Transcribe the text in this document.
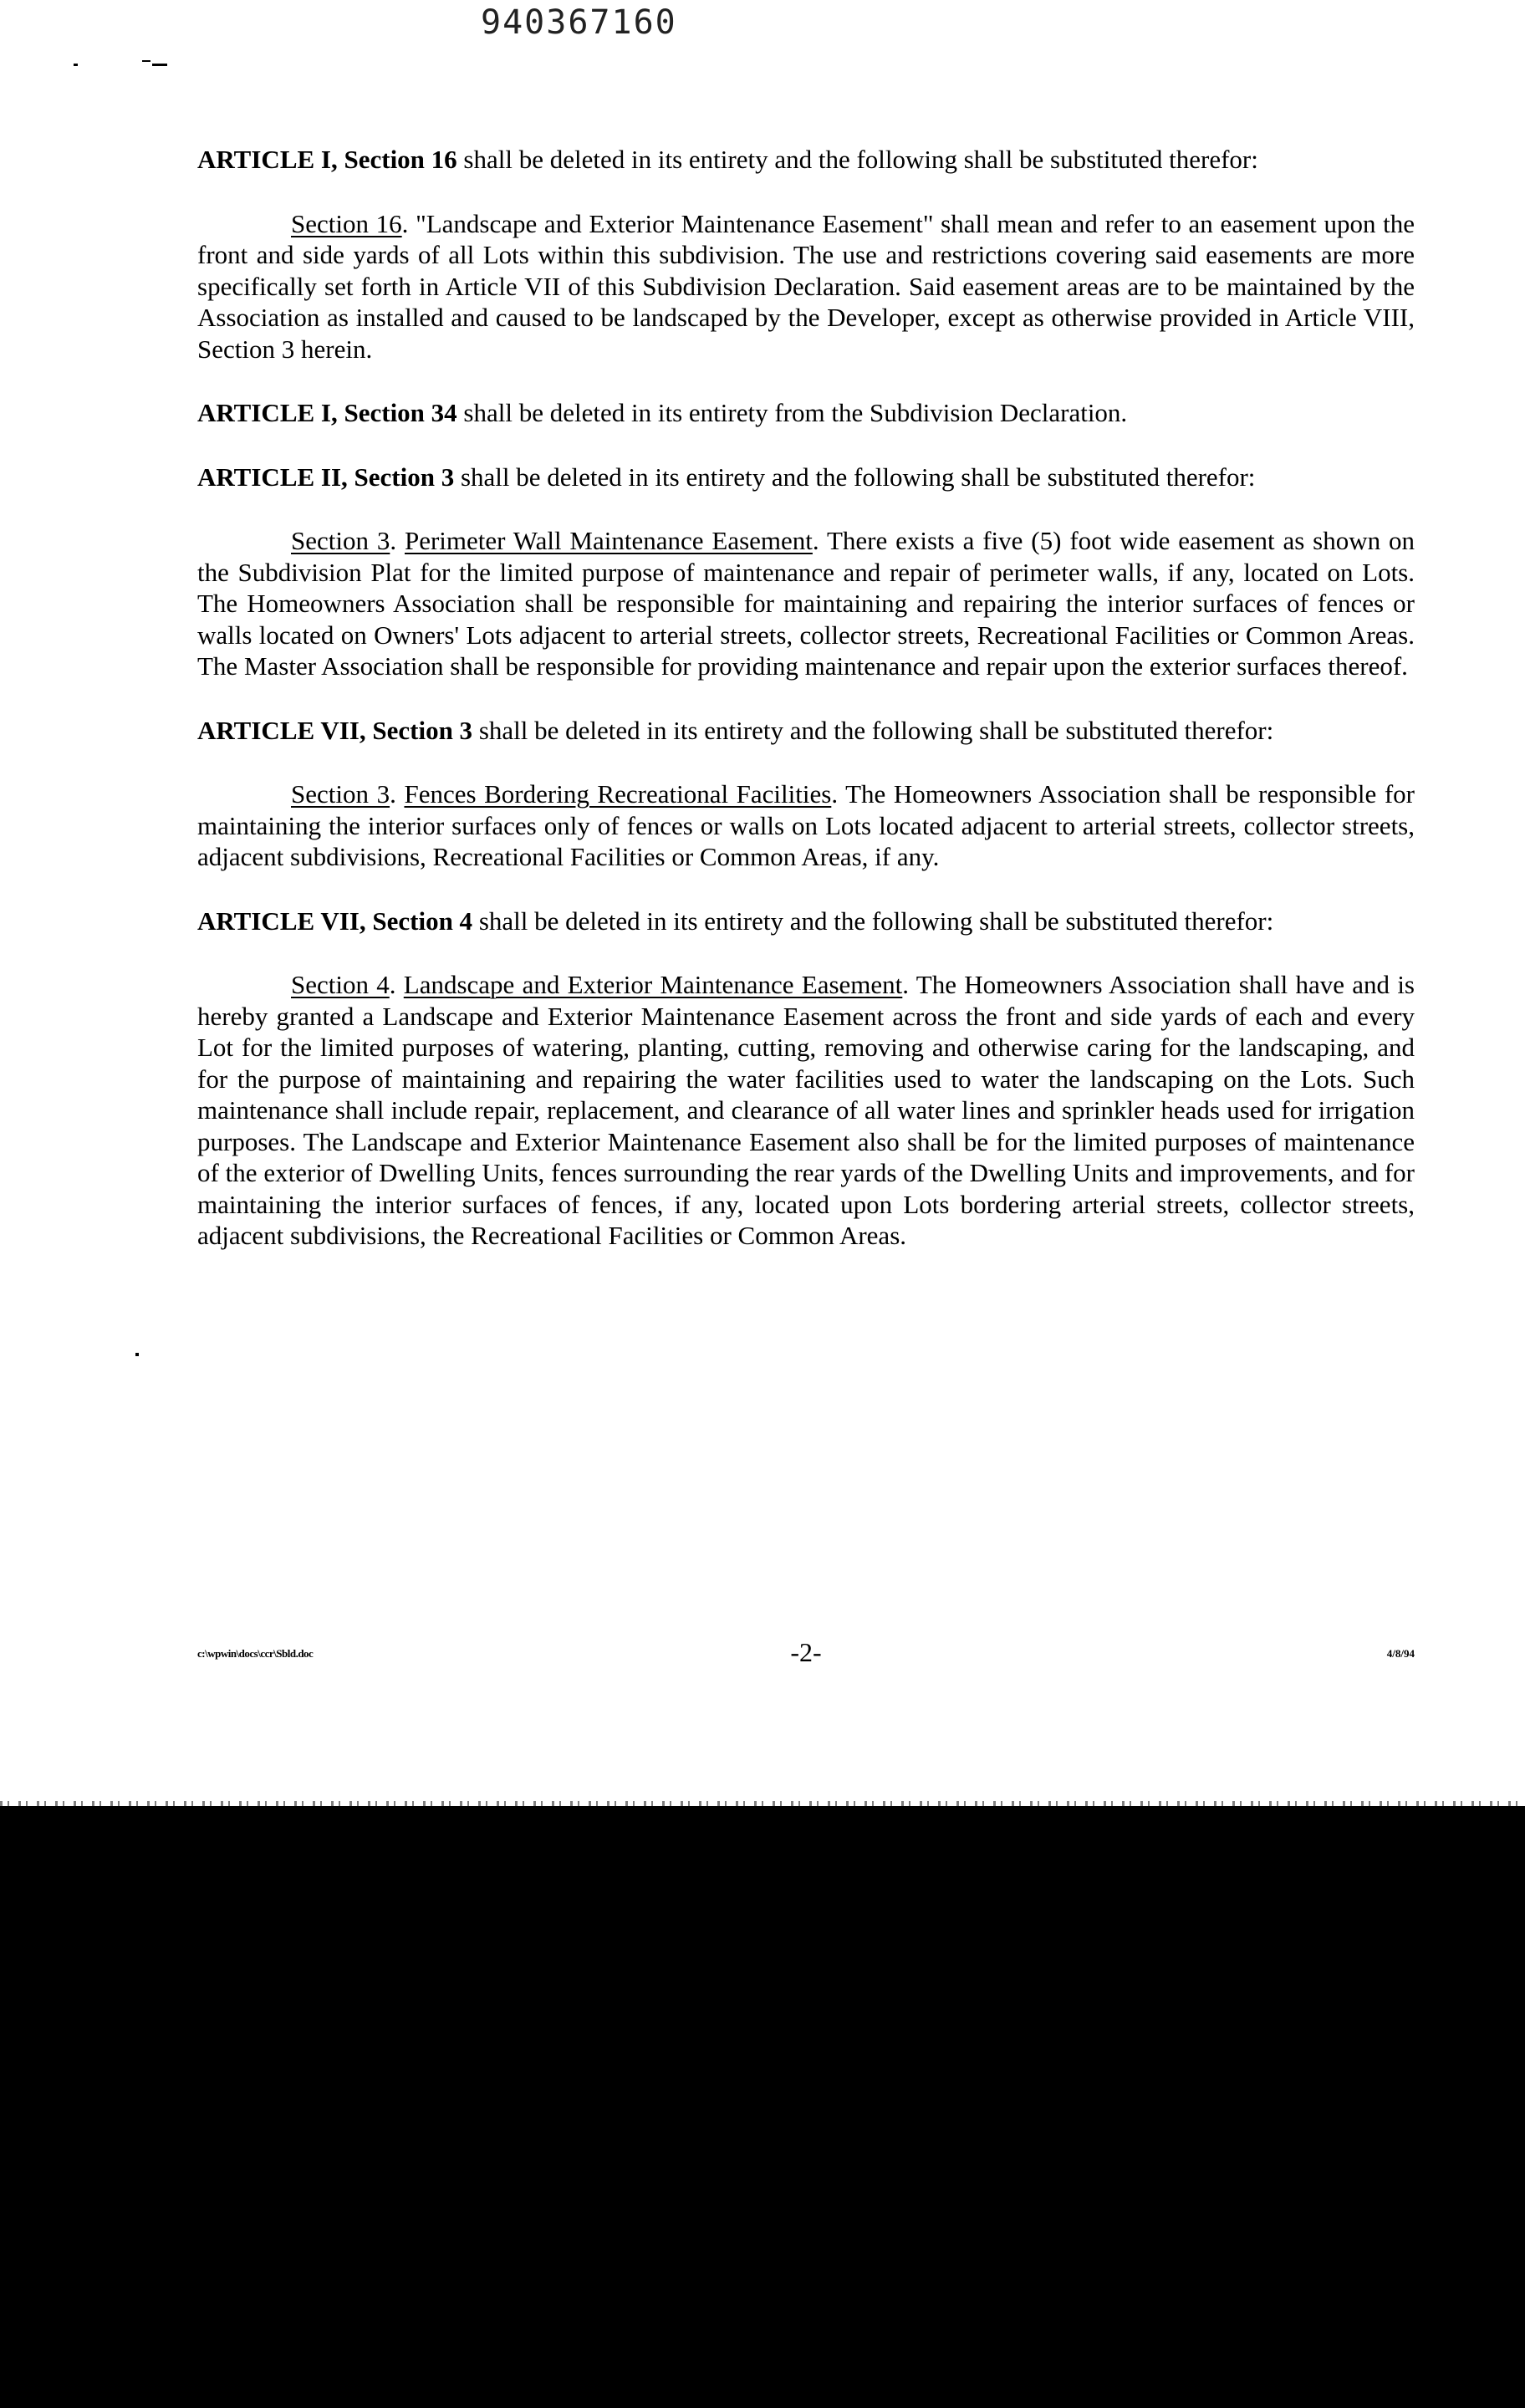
940367160

ARTICLE I, Section 16 shall be deleted in its entirety and the following shall be substituted therefor:

Section 16. "Landscape and Exterior Maintenance Easement" shall mean and refer to an easement upon the front and side yards of all Lots within this subdivision. The use and restrictions covering said easements are more specifically set forth in Article VII of this Subdivision Declaration. Said easement areas are to be maintained by the Association as installed and caused to be landscaped by the Developer, except as otherwise provided in Article VIII, Section 3 herein.

ARTICLE I, Section 34 shall be deleted in its entirety from the Subdivision Declaration.

ARTICLE II, Section 3 shall be deleted in its entirety and the following shall be substituted therefor:

Section 3. Perimeter Wall Maintenance Easement. There exists a five (5) foot wide easement as shown on the Subdivision Plat for the limited purpose of maintenance and repair of perimeter walls, if any, located on Lots. The Homeowners Association shall be responsible for maintaining and repairing the interior surfaces of fences or walls located on Owners' Lots adjacent to arterial streets, collector streets, Recreational Facilities or Common Areas. The Master Association shall be responsible for providing maintenance and repair upon the exterior surfaces thereof.

ARTICLE VII, Section 3 shall be deleted in its entirety and the following shall be substituted therefor:

Section 3. Fences Bordering Recreational Facilities. The Homeowners Association shall be responsible for maintaining the interior surfaces only of fences or walls on Lots located adjacent to arterial streets, collector streets, adjacent subdivisions, Recreational Facilities or Common Areas, if any.

ARTICLE VII, Section 4 shall be deleted in its entirety and the following shall be substituted therefor:

Section 4. Landscape and Exterior Maintenance Easement. The Homeowners Association shall have and is hereby granted a Landscape and Exterior Maintenance Easement across the front and side yards of each and every Lot for the limited purposes of watering, planting, cutting, removing and otherwise caring for the landscaping, and for the purpose of maintaining and repairing the water facilities used to water the landscaping on the Lots. Such maintenance shall include repair, replacement, and clearance of all water lines and sprinkler heads used for irrigation purposes. The Landscape and Exterior Maintenance Easement also shall be for the limited purposes of maintenance of the exterior of Dwelling Units, fences surrounding the rear yards of the Dwelling Units and improvements, and for maintaining the interior surfaces of fences, if any, located upon Lots bordering arterial streets, collector streets, adjacent subdivisions, the Recreational Facilities or Common Areas.

c:\wpwin\docs\ccr\Sbld.doc	-2-	4/8/94
